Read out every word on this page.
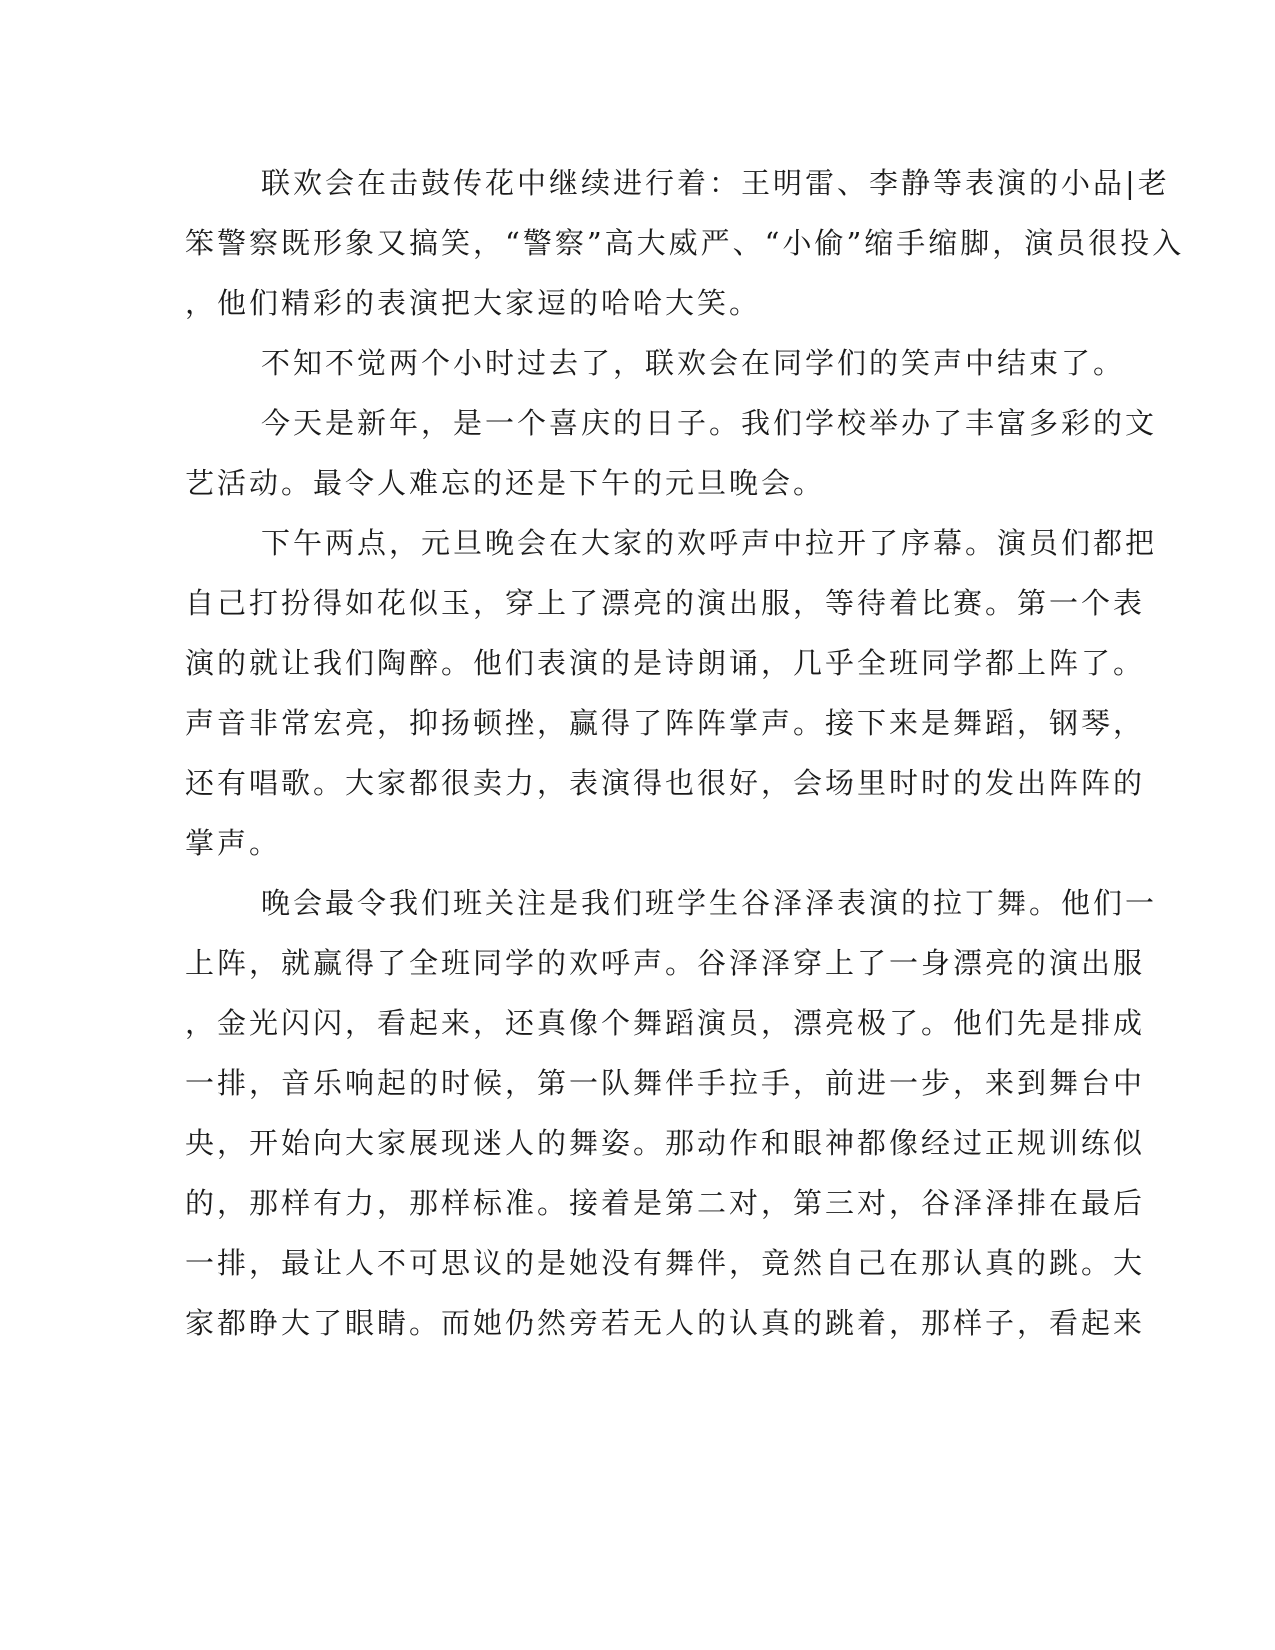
联欢会在击鼓传花中继续进行着：王明雷、李静等表演的小品|老
笨警察既形象又搞笑，“警察”高大威严、“小偷”缩手缩脚，演员很投入
，他们精彩的表演把大家逗的哈哈大笑。
不知不觉两个小时过去了，联欢会在同学们的笑声中结束了。
今天是新年，是一个喜庆的日子。我们学校举办了丰富多彩的文
艺活动。最令人难忘的还是下午的元旦晚会。
下午两点，元旦晚会在大家的欢呼声中拉开了序幕。演员们都把
自己打扮得如花似玉，穿上了漂亮的演出服，等待着比赛。第一个表
演的就让我们陶醉。他们表演的是诗朗诵，几乎全班同学都上阵了。
声音非常宏亮，抑扬顿挫，赢得了阵阵掌声。接下来是舞蹈，钢琴，
还有唱歌。大家都很卖力，表演得也很好，会场里时时的发出阵阵的
掌声。
晚会最令我们班关注是我们班学生谷泽泽表演的拉丁舞。他们一
上阵，就赢得了全班同学的欢呼声。谷泽泽穿上了一身漂亮的演出服
，金光闪闪，看起来，还真像个舞蹈演员，漂亮极了。他们先是排成
一排，音乐响起的时候，第一队舞伴手拉手，前进一步，来到舞台中
央，开始向大家展现迷人的舞姿。那动作和眼神都像经过正规训练似
的，那样有力，那样标准。接着是第二对，第三对，谷泽泽排在最后
一排，最让人不可思议的是她没有舞伴，竟然自己在那认真的跳。大
家都睁大了眼睛。而她仍然旁若无人的认真的跳着，那样子，看起来
